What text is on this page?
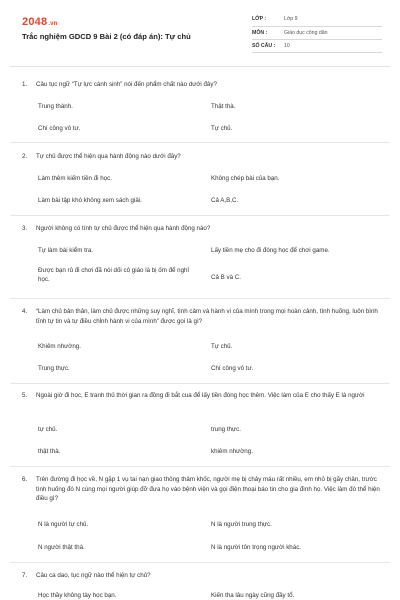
2048.vn
Trắc nghiệm GDCD 9 Bài 2 (có đáp án): Tự chủ
LỚP :	Lớp 9
MÔN :	Giáo dục công dân
SỐ CÂU :	10
1. Câu tục ngữ “Tự lực cánh sinh” nói đến phẩm chất nào dưới đây?
Trung thành.	Thật thà.
Chí công vô tư.	Tự chủ.
2. Tự chủ được thể hiện qua hành động nào dưới đây?
Làm thêm kiếm tiền đi học.	Không chép bài của bạn.
Làm bài tập khó không xem sách giải.	Cả A,B,C.
3. Người không có tính tự chủ được thể hiện qua hành động nào?
Tự làm bài kiểm tra.	Lấy tiền mẹ cho đi đóng học để chơi game.
Được bạn rủ đi chơi đã nói dối cô giáo là bị ốm để nghỉ học.	Cả B và C.
4. “Làm chủ bản thân, làm chủ được những suy nghĩ, tình cảm và hành vi của mình trong mọi hoàn cảnh, tình huống, luôn bình tĩnh tự tin và tự điều chỉnh hành vi của mình” được gọi là gì?
Khiêm nhường.	Tự chủ.
Trung thực.	Chí công vô tư.
5. Ngoài giờ đi học, E tranh thủ thời gian ra đồng đi bắt cua để lấy tiền đóng học thêm. Việc làm của E cho thấy E là người
tự chủ.	trung thực.
thật thà.	khiêm nhường.
6. Trên đường đi học về, N gặp 1 vụ tai nạn giao thông thảm khốc, người mẹ bị chảy máu rất nhiều, em nhỏ bị gãy chân, trước tình huống đó N cùng mọi người giúp đỡ đưa họ vào bệnh viện và gọi điện thoại báo tin cho gia đình họ. Việc làm đó thể hiện điều gì?
N là người tự chủ.	N là người trung thực.
N người thật thà.	N là người tôn trọng người khác.
7. Câu ca dao, tục ngữ nào thể hiện tự chủ?
Học thầy không tày học bạn.	Kiến tha lâu ngày cũng đầy tổ.
